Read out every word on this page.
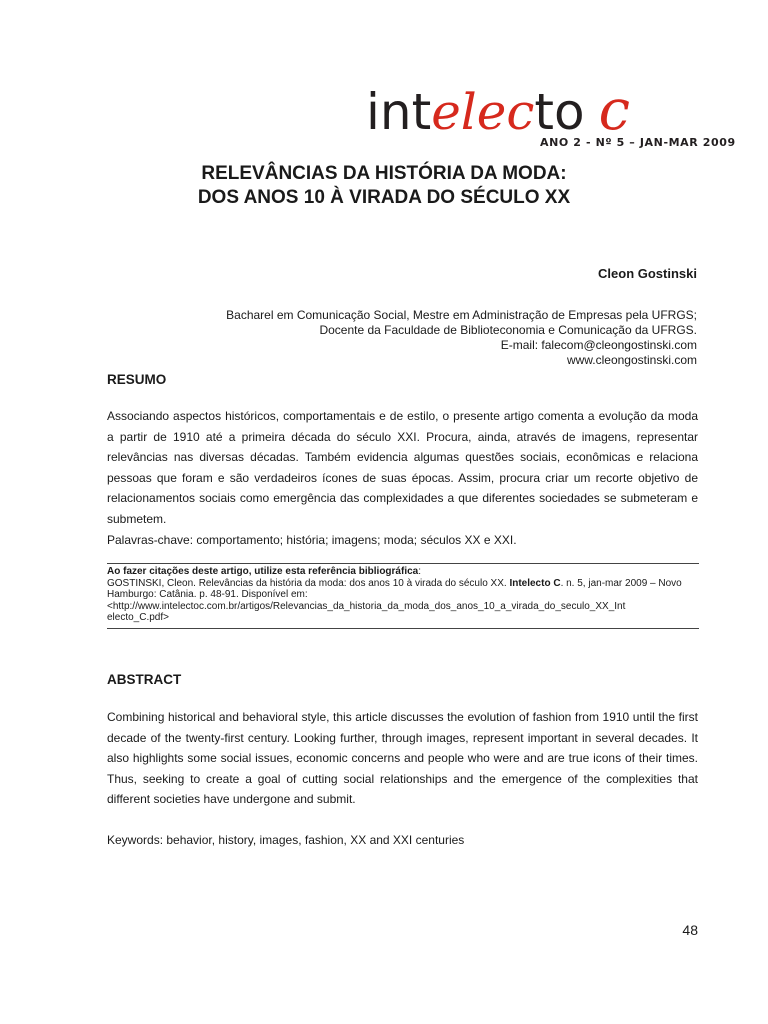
intelecto c
ANO 2 - Nº 5 – JAN-MAR 2009
RELEVÂNCIAS DA HISTÓRIA DA MODA:
DOS ANOS 10 À VIRADA DO SÉCULO XX
Cleon Gostinski
Bacharel em Comunicação Social, Mestre em Administração de Empresas pela UFRGS;
Docente da Faculdade de Biblioteconomia e Comunicação da UFRGS.
E-mail: falecom@cleongostinski.com
www.cleongostinski.com
RESUMO
Associando aspectos históricos, comportamentais e de estilo, o presente artigo comenta a evolução da moda a partir de 1910 até a primeira década do século XXI. Procura, ainda, através de imagens, representar relevâncias nas diversas décadas. Também evidencia algumas questões sociais, econômicas e relaciona pessoas que foram e são verdadeiros ícones de suas épocas. Assim, procura criar um recorte objetivo de relacionamentos sociais como emergência das complexidades a que diferentes sociedades se submeteram e submetem.
Palavras-chave: comportamento; história; imagens; moda; séculos XX e XXI.
Ao fazer citações deste artigo, utilize esta referência bibliográfica:
GOSTINSKI, Cleon. Relevâncias da história da moda: dos anos 10 à virada do século XX. Intelecto C. n. 5, jan-mar 2009 – Novo Hamburgo: Catânia. p. 48-91. Disponível em:
<http://www.intelectoc.com.br/artigos/Relevancias_da_historia_da_moda_dos_anos_10_a_virada_do_seculo_XX_Int
electo_C.pdf>
ABSTRACT
Combining historical and behavioral style, this article discusses the evolution of fashion from 1910 until the first decade of the twenty-first century. Looking further, through images, represent important in several decades. It also highlights some social issues, economic concerns and people who were and are true icons of their times. Thus, seeking to create a goal of cutting social relationships and the emergence of the complexities that different societies have undergone and submit.
Keywords: behavior, history, images, fashion, XX and XXI centuries
48
